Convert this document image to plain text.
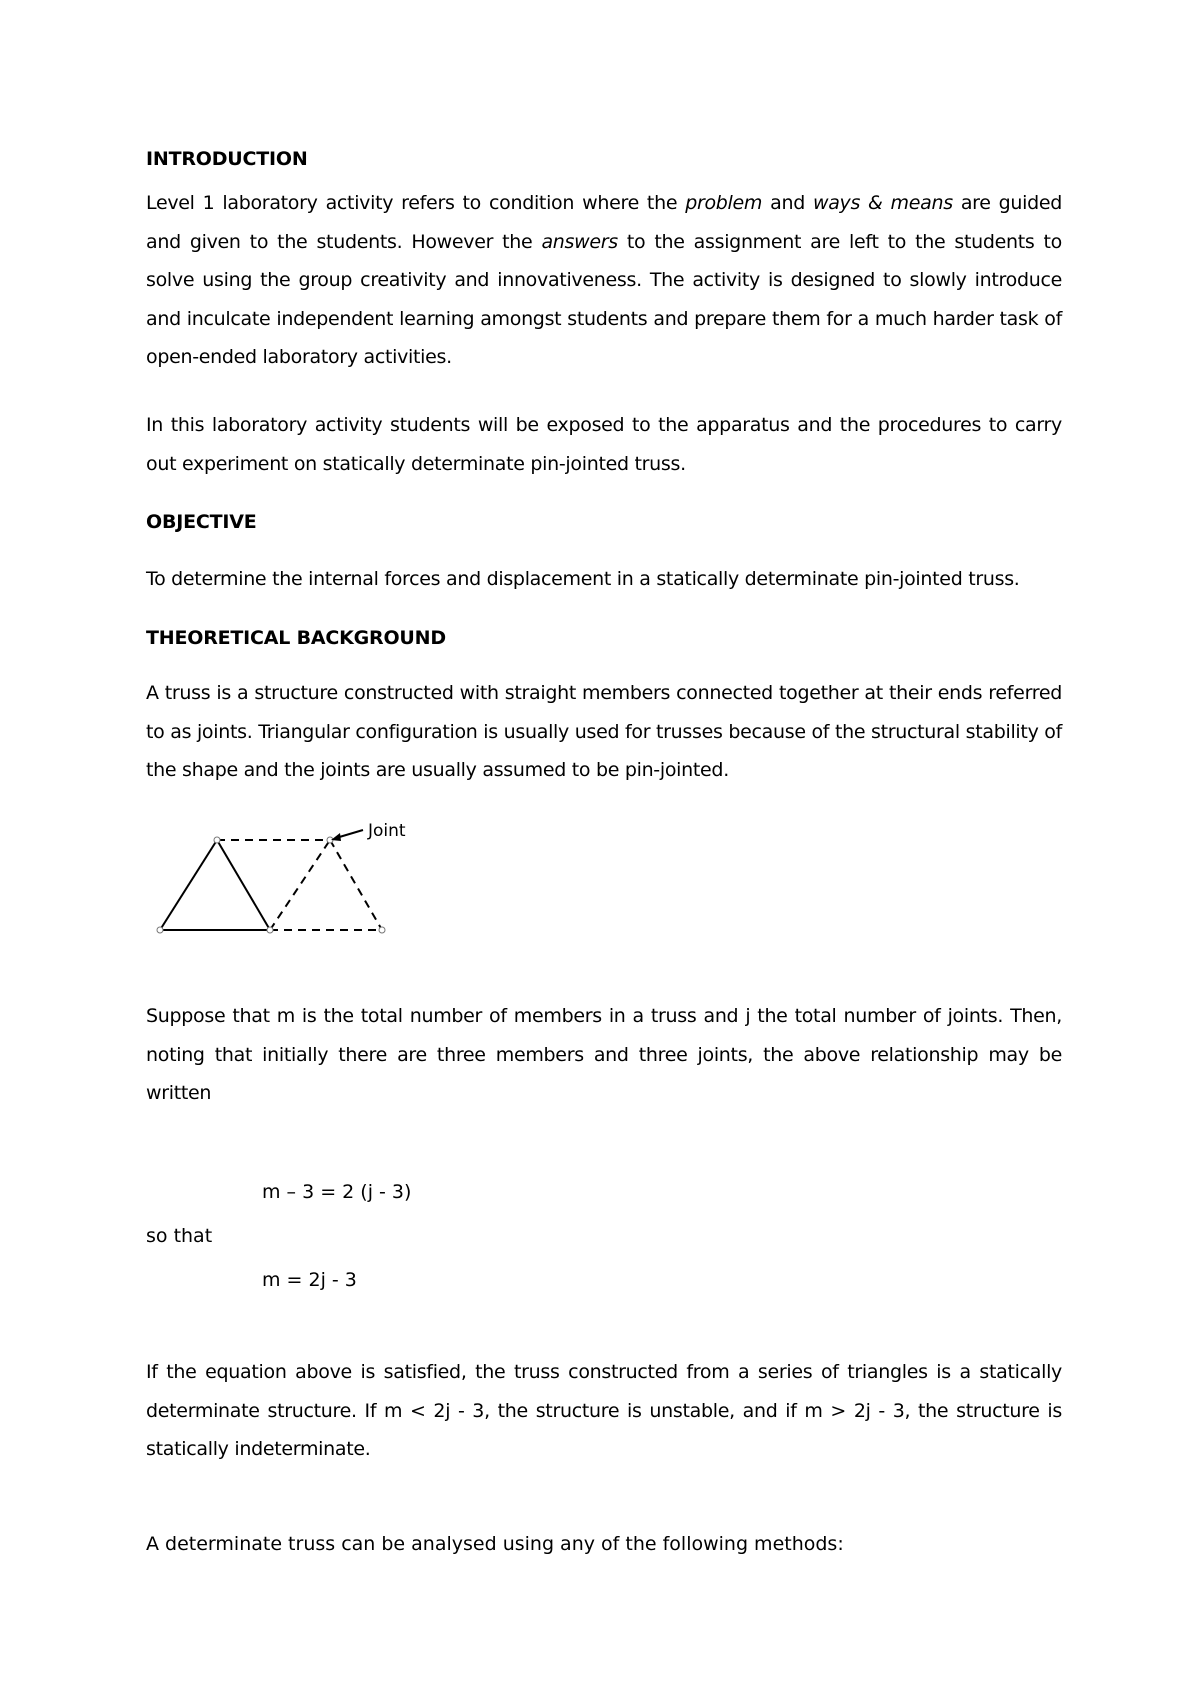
INTRODUCTION

Level 1 laboratory activity refers to condition where the problem and ways & means are guided and given to the students. However the answers to the assignment are left to the students to solve using the group creativity and innovativeness. The activity is designed to slowly introduce and inculcate independent learning amongst students and prepare them for a much harder task of open-ended laboratory activities.

In this laboratory activity students will be exposed to the apparatus and the procedures to carry out experiment on statically determinate pin-jointed truss.

OBJECTIVE

To determine the internal forces and displacement in a statically determinate pin-jointed truss.

THEORETICAL BACKGROUND

A truss is a structure constructed with straight members connected together at their ends referred to as joints. Triangular configuration is usually used for trusses because of the structural stability of the shape and the joints are usually assumed to be pin-jointed.

Joint

Suppose that m is the total number of members in a truss and j the total number of joints. Then, noting that initially there are three members and three joints, the above relationship may be written

m – 3 = 2 (j - 3)

so that

m = 2j - 3

If the equation above is satisfied, the truss constructed from a series of triangles is a statically determinate structure. If m < 2j - 3, the structure is unstable, and if m > 2j - 3, the structure is statically indeterminate.

A determinate truss can be analysed using any of the following methods:
